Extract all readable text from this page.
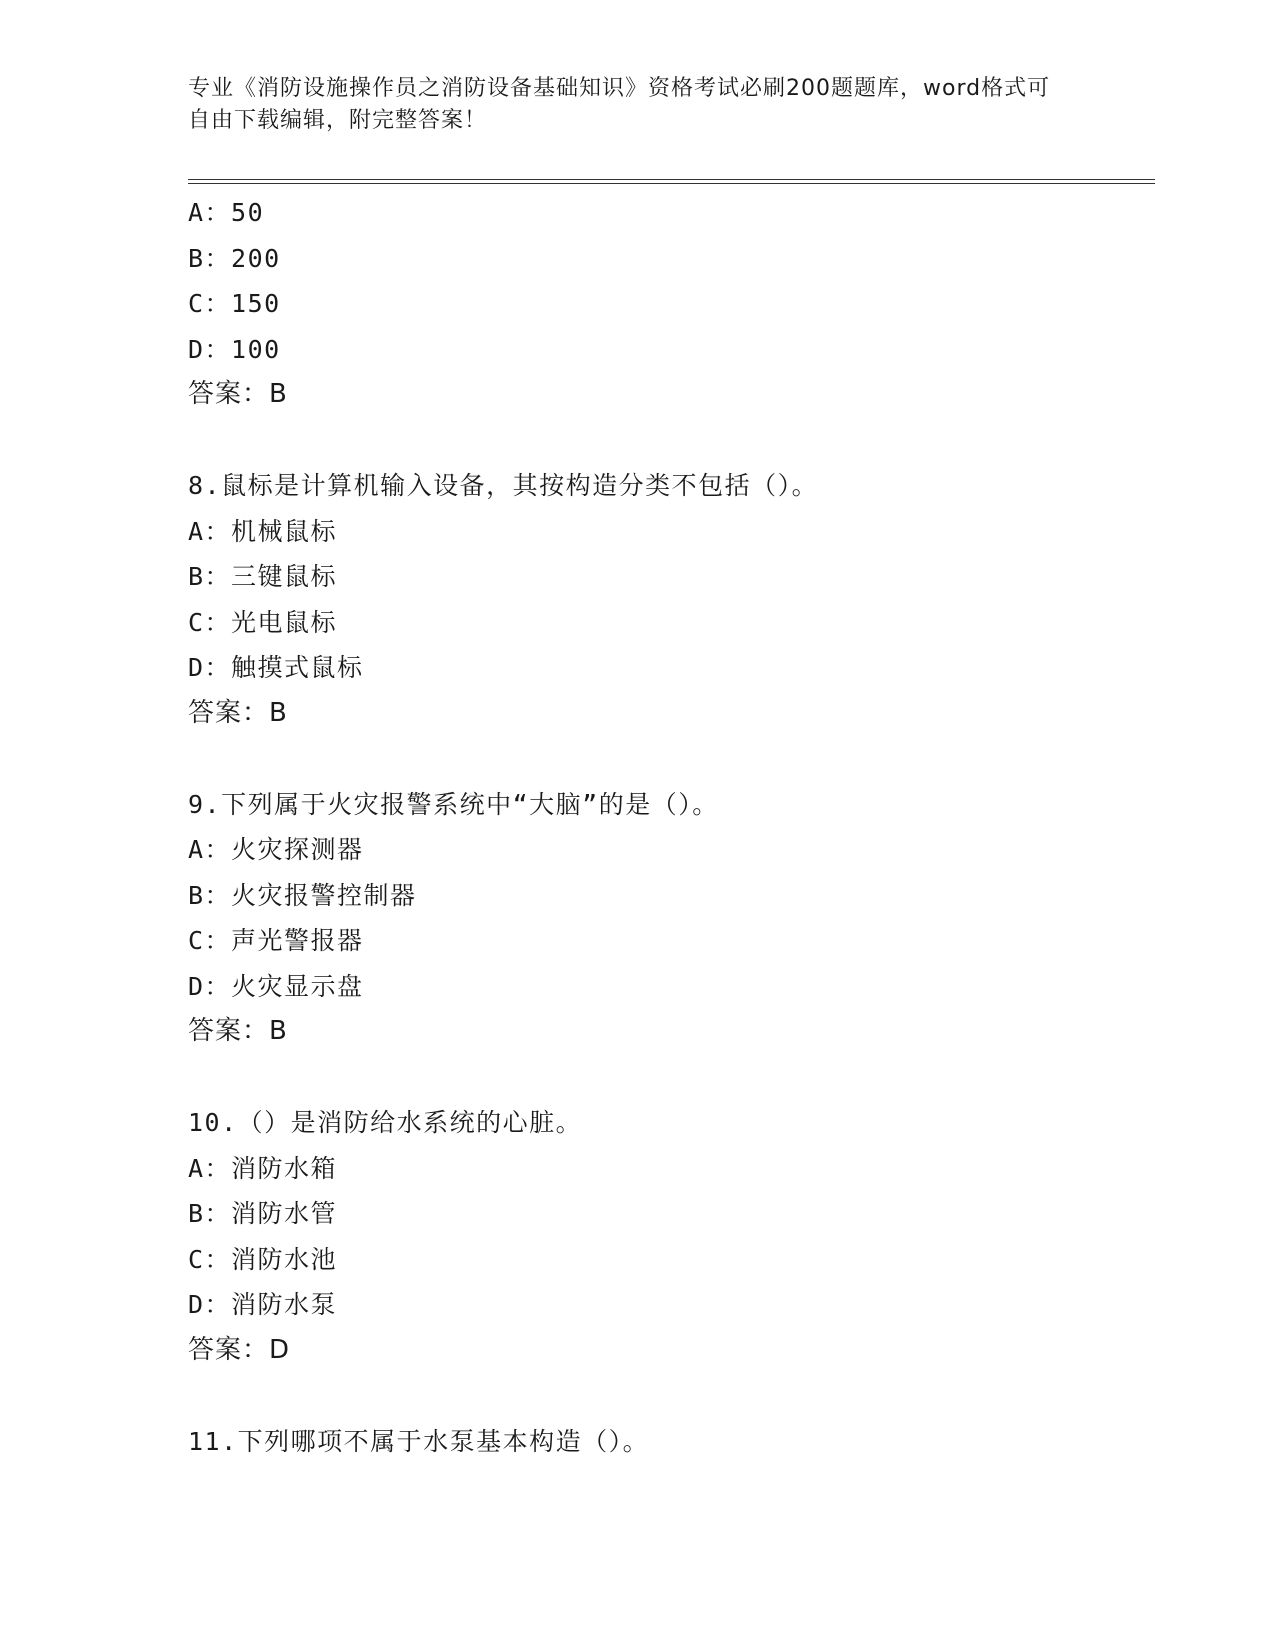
专业《消防设施操作员之消防设备基础知识》资格考试必刷200题题库，word格式可自由下载编辑，附完整答案！
A：50
B：200
C：150
D：100
答案：B
8.鼠标是计算机输入设备，其按构造分类不包括（）。
A：机械鼠标
B：三键鼠标
C：光电鼠标
D：触摸式鼠标
答案：B
9.下列属于火灾报警系统中“大脑”的是（）。
A：火灾探测器
B：火灾报警控制器
C：声光警报器
D：火灾显示盘
答案：B
10.（）是消防给水系统的心脏。
A：消防水箱
B：消防水管
C：消防水池
D：消防水泵
答案：D
11.下列哪项不属于水泵基本构造（）。
